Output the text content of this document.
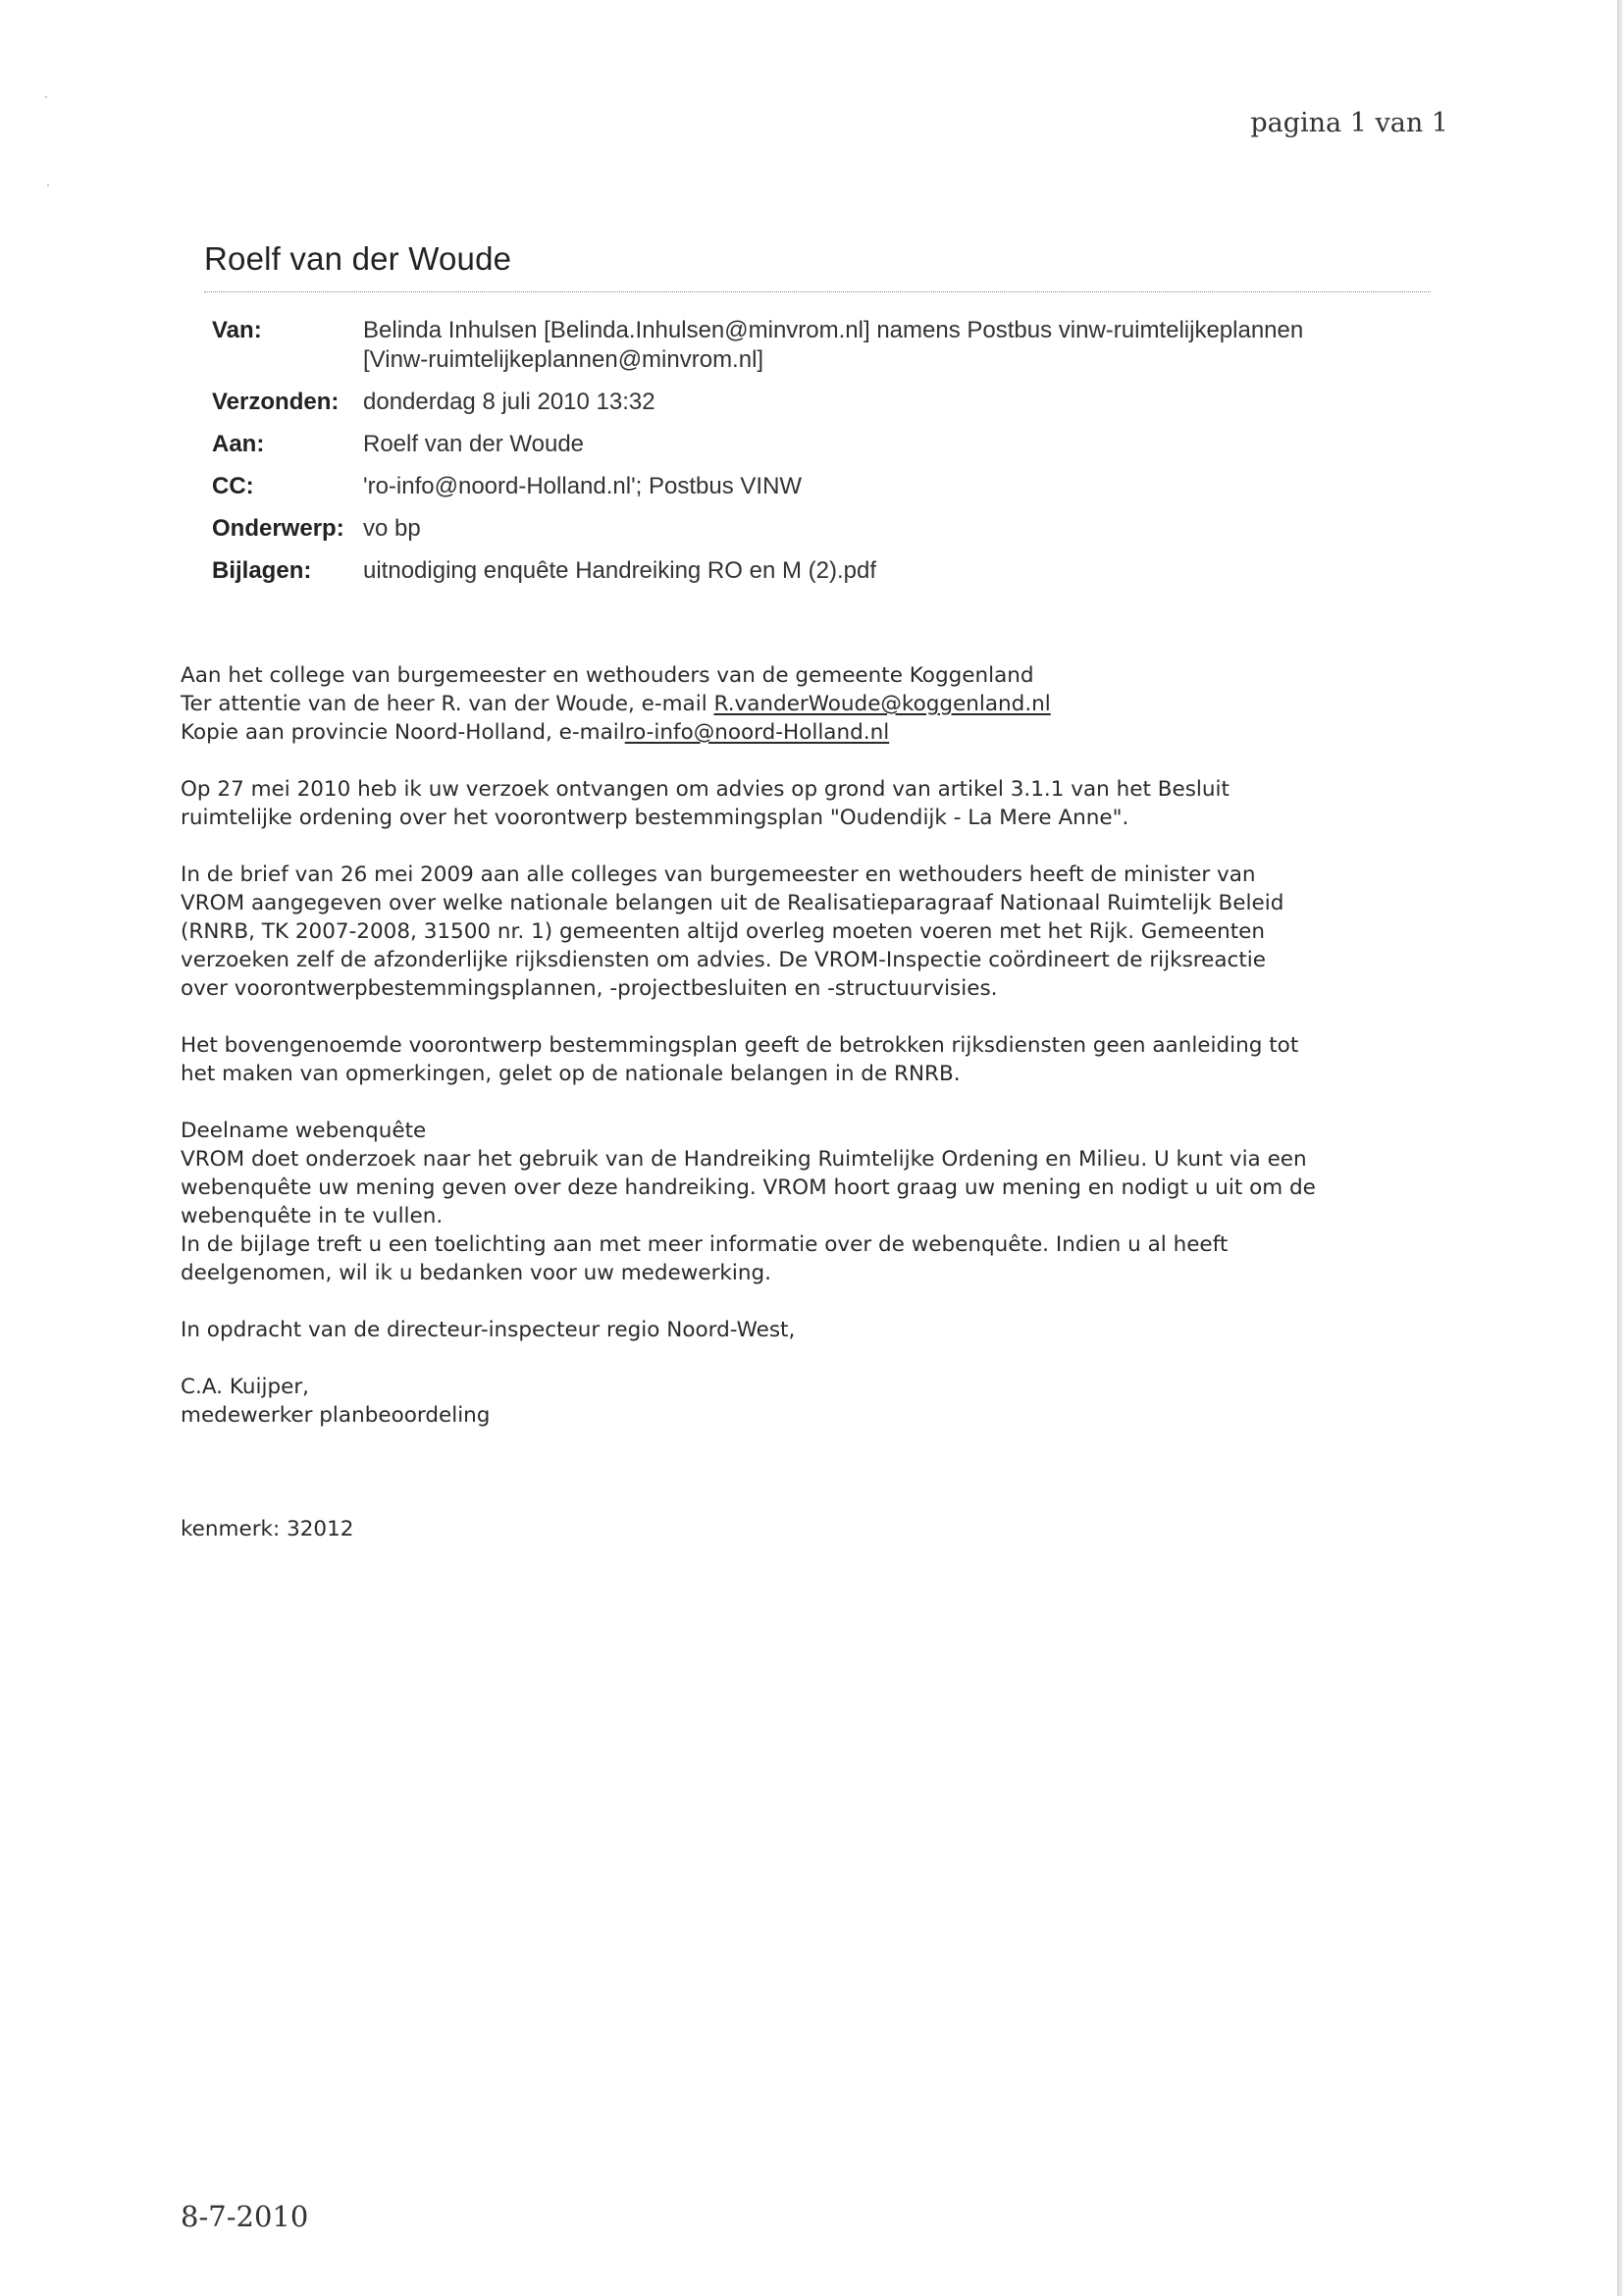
pagina 1 van 1
Roelf van der Woude
Van:	Belinda Inhulsen [Belinda.Inhulsen@minvrom.nl] namens Postbus vinw-ruimtelijkeplannen
[Vinw-ruimtelijkeplannen@minvrom.nl]
Verzonden:	donderdag 8 juli 2010 13:32
Aan:	Roelf van der Woude
CC:	'ro-info@noord-Holland.nl'; Postbus VINW
Onderwerp: vo bp
Bijlagen:	uitnodiging enquête Handreiking RO en M (2).pdf

Aan het college van burgemeester en wethouders van de gemeente Koggenland
Ter attentie van de heer R. van der Woude, e-mail R.vanderWoude@koggenland.nl
Kopie aan provincie Noord-Holland, e-mailro-info@noord-Holland.nl

Op 27 mei 2010 heb ik uw verzoek ontvangen om advies op grond van artikel 3.1.1 van het Besluit
ruimtelijke ordening over het voorontwerp bestemmingsplan "Oudendijk - La Mere Anne".

In de brief van 26 mei 2009 aan alle colleges van burgemeester en wethouders heeft de minister van
VROM aangegeven over welke nationale belangen uit de Realisatieparagraaf Nationaal Ruimtelijk Beleid
(RNRB, TK 2007-2008, 31500 nr. 1) gemeenten altijd overleg moeten voeren met het Rijk. Gemeenten
verzoeken zelf de afzonderlijke rijksdiensten om advies. De VROM-Inspectie coördineert de rijksreactie
over voorontwerpbestemmingsplannen, -projectbesluiten en -structuurvisies.

Het bovengenoemde voorontwerp bestemmingsplan geeft de betrokken rijksdiensten geen aanleiding tot
het maken van opmerkingen, gelet op de nationale belangen in de RNRB.

Deelname webenquête
VROM doet onderzoek naar het gebruik van de Handreiking Ruimtelijke Ordening en Milieu. U kunt via een
webenquête uw mening geven over deze handreiking. VROM hoort graag uw mening en nodigt u uit om de
webenquête in te vullen.
In de bijlage treft u een toelichting aan met meer informatie over de webenquête. Indien u al heeft
deelgenomen, wil ik u bedanken voor uw medewerking.

In opdracht van de directeur-inspecteur regio Noord-West,

C.A. Kuijper,
medewerker planbeoordeling

kenmerk: 32012

8-7-2010
